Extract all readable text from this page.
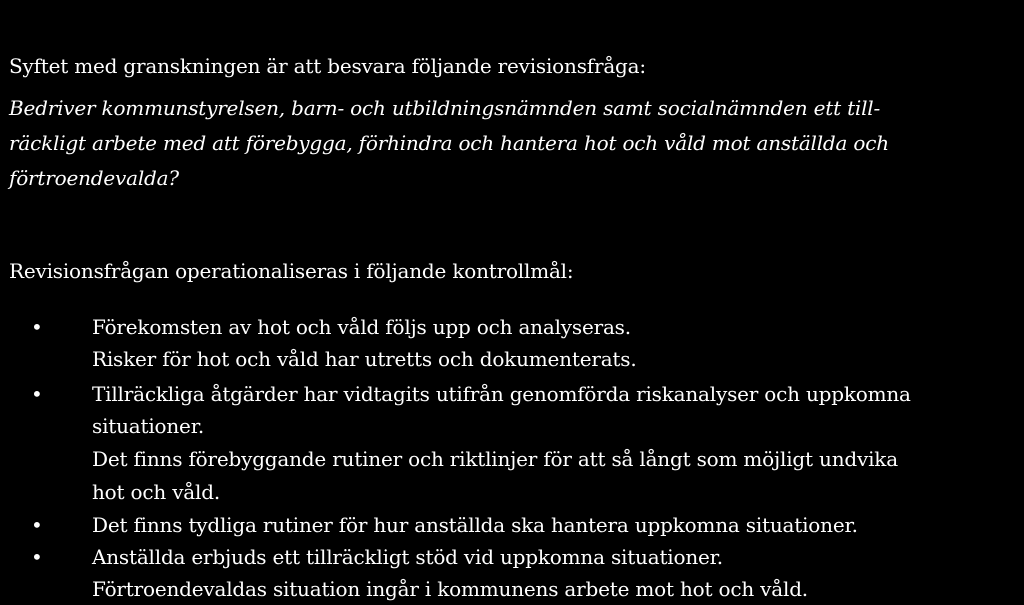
Syftet med granskningen är att besvara följande revisionsfråga:
Bedriver kommunstyrelsen, barn- och utbildningsnämnden samt socialnämnden ett till-
räckligt arbete med att förebygga, förhindra och hantera hot och våld mot anställda och
förtroendevalda?
Revisionsfrågan operationaliseras i följande kontrollmål:
• Förekomsten av hot och våld följs upp och analyseras.
Risker för hot och våld har utretts och dokumenterats.
• Tillräckliga åtgärder har vidtagits utifrån genomförda riskanalyser och uppkomna
situationer.
Det finns förebyggande rutiner och riktlinjer för att så långt som möjligt undvika
hot och våld.
• Det finns tydliga rutiner för hur anställda ska hantera uppkomna situationer.
• Anställda erbjuds ett tillräckligt stöd vid uppkomna situationer.
Förtroendevaldas situation ingår i kommunens arbete mot hot och våld.
